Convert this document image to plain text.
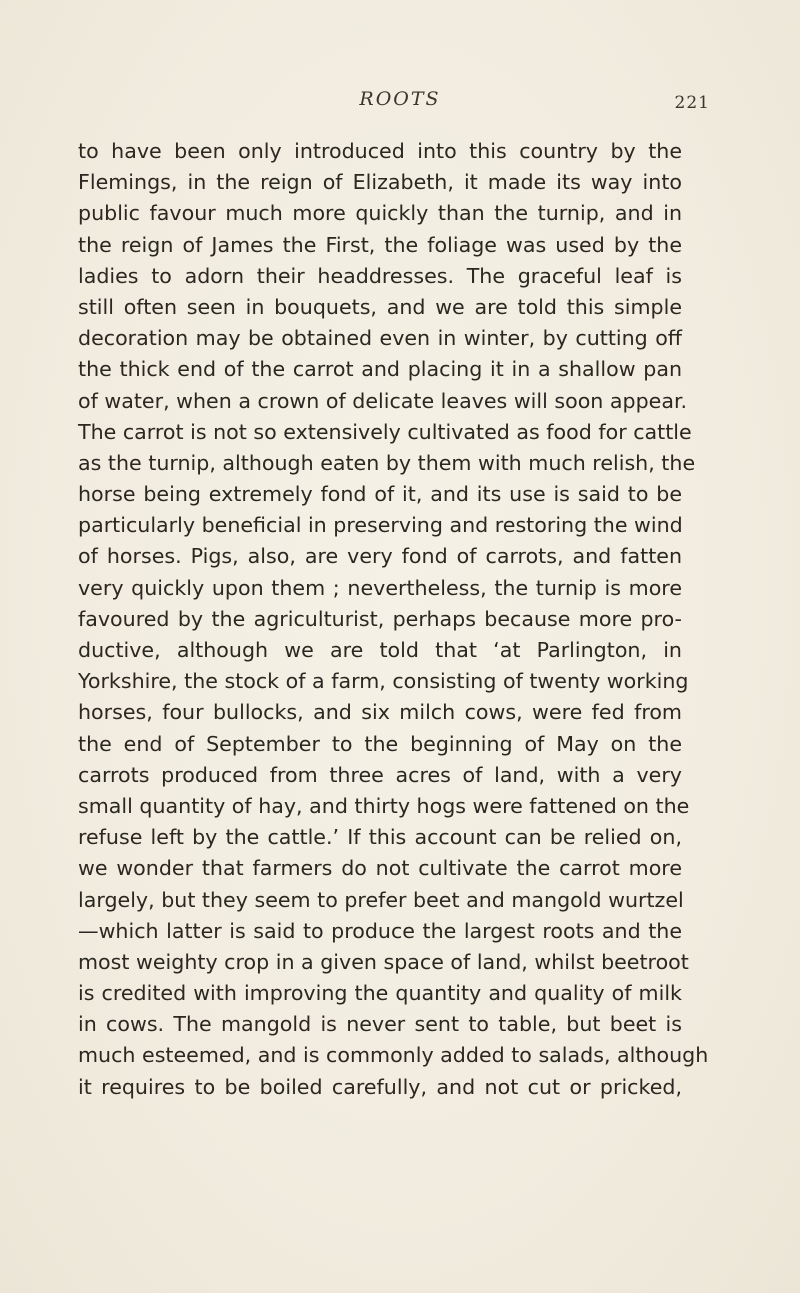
ROOTS	221
to have been only introduced into this country by the
Flemings, in the reign of Elizabeth, it made its way into
public favour much more quickly than the turnip, and in
the reign of James the First, the foliage was used by the
ladies to adorn their headdresses. The graceful leaf is
still often seen in bouquets, and we are told this simple
decoration may be obtained even in winter, by cutting off
the thick end of the carrot and placing it in a shallow pan
of water, when a crown of delicate leaves will soon appear.
The carrot is not so extensively cultivated as food for cattle
as the turnip, although eaten by them with much relish, the
horse being extremely fond of it, and its use is said to be
particularly beneficial in preserving and restoring the wind
of horses. Pigs, also, are very fond of carrots, and fatten
very quickly upon them ; nevertheless, the turnip is more
favoured by the agriculturist, perhaps because more pro-
ductive, although we are told that ‘at Parlington, in
Yorkshire, the stock of a farm, consisting of twenty working
horses, four bullocks, and six milch cows, were fed from
the end of September to the beginning of May on the
carrots produced from three acres of land, with a very
small quantity of hay, and thirty hogs were fattened on the
refuse left by the cattle.’ If this account can be relied on,
we wonder that farmers do not cultivate the carrot more
largely, but they seem to prefer beet and mangold wurtzel
—which latter is said to produce the largest roots and the
most weighty crop in a given space of land, whilst beetroot
is credited with improving the quantity and quality of milk
in cows. The mangold is never sent to table, but beet is
much esteemed, and is commonly added to salads, although
it requires to be boiled carefully, and not cut or pricked,
